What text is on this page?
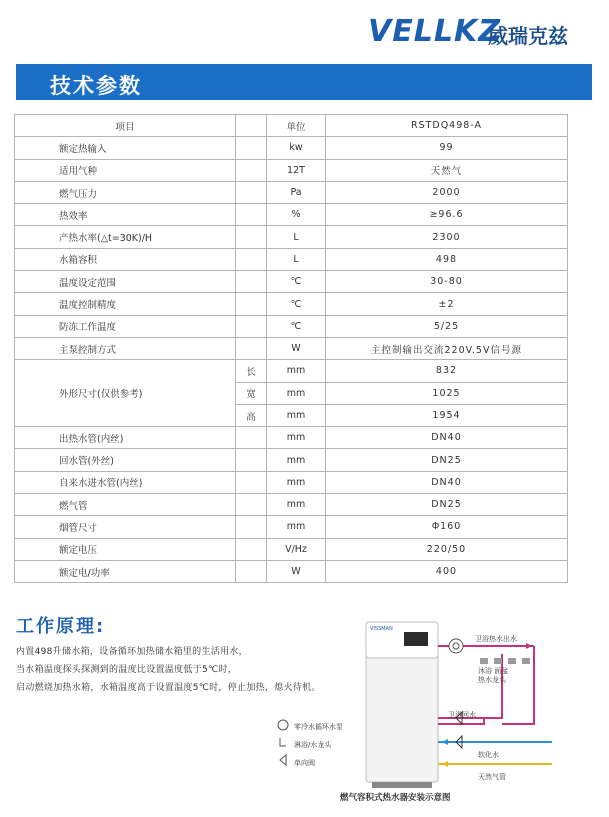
VELLKZ
威瑞克兹
技术参数
项目		单位	RSTDQ498-A
额定热输入		kw	99
适用气种		12T	天然气
燃气压力		Pa	2000
热效率		%	≥96.6
产热水率(△t=30K)/H		L	2300
水箱容积		L	498
温度设定范围		℃	30-80
温度控制精度		℃	±2
防冻工作温度		℃	5/25
主泵控制方式		W	主控制输出交流220V.5V信号源
外形尺寸(仅供参考)	长	mm	832
	宽	mm	1025
	高	mm	1954
出热水管(内丝)		mm	DN40
回水管(外丝)		mm	DN25
自来水进水管(内丝)		mm	DN40
燃气管		mm	DN25
烟管尺寸		mm	Φ160
额定电压		V/Hz	220/50
额定电/功率		W	400
工作原理:
内置498升储水箱，设备循环加热储水箱里的生活用水，
当水箱温度探头探测到的温度比设置温度低于5℃时，
启动燃烧加热水箱，水箱温度高于设置温度5℃时，停止加热，熄火待机。
VISSMAN
卫浴热水出水
沐浴 面盆
热水龙头
卫浴回水
软化水
天然气管
零冷水循环水泵
淋浴/水龙头
单向阀
燃气容积式热水器安装示意图
